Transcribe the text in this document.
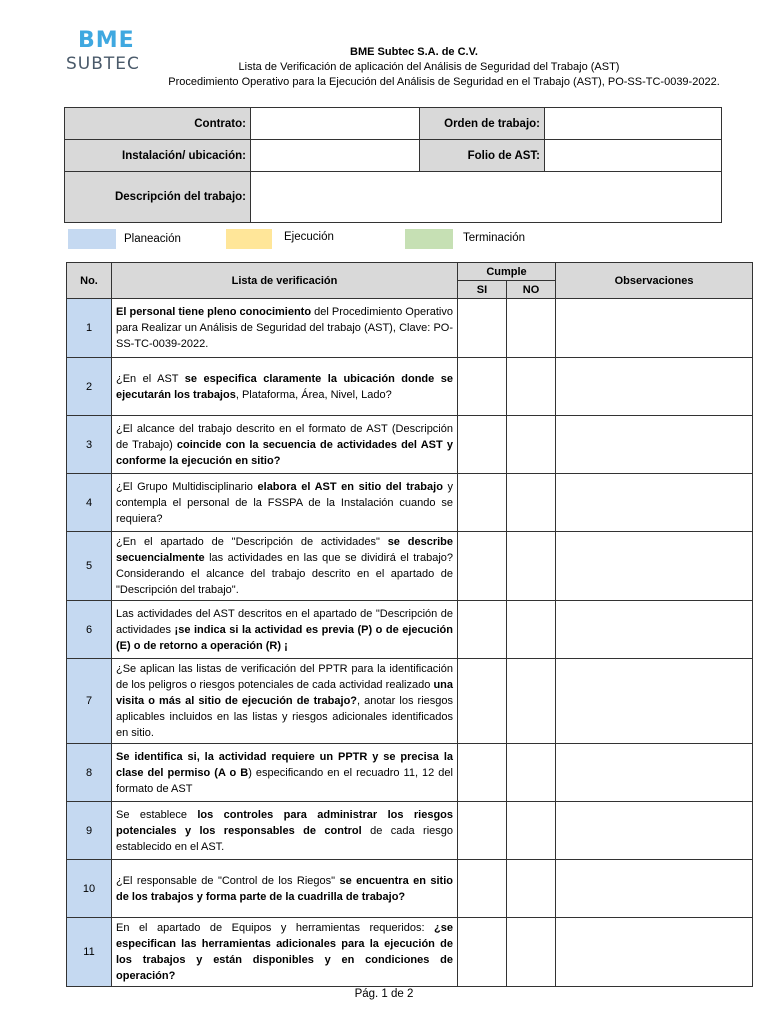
BME
SUBTEC
BME Subtec S.A. de C.V.
Lista de Verificación de aplicación del Análisis de Seguridad del Trabajo (AST)
Procedimiento Operativo para la Ejecución del Análisis de Seguridad en el Trabajo (AST), PO-SS-TC-0039-2022.
Contrato:		Orden de trabajo:	
Instalación/ ubicación:		Folio de AST:	
Descripción del trabajo:			
Planeación	Ejecución	Terminación
No.	Lista de verificación	Cumple		Observaciones
		SI	NO	
1	El personal tiene pleno conocimiento del Procedimiento Operativo para Realizar un Análisis de Seguridad del trabajo (AST), Clave: PO-SS-TC-0039-2022.			
2	¿En el AST se especifica claramente la ubicación donde se ejecutarán los trabajos, Plataforma, Área, Nivel, Lado?			
3	¿El alcance del trabajo descrito en el formato de AST (Descripción de Trabajo) coincide con la secuencia de actividades del AST y conforme la ejecución en sitio?			
4	¿El Grupo Multidisciplinario elabora el AST en sitio del trabajo y contempla el personal de la FSSPA de la Instalación cuando se requiera?			
5	¿En el apartado de "Descripción de actividades" se describe secuencialmente las actividades en las que se dividirá el trabajo? Considerando el alcance del trabajo descrito en el apartado de "Descripción del trabajo".			
6	Las actividades del AST descritos en el apartado de "Descripción de actividades ¡se indica si la actividad es previa (P) o de ejecución (E) o de retorno a operación (R) ¡			
7	¿Se aplican las listas de verificación del PPTR para la identificación de los peligros o riesgos potenciales de cada actividad realizado una visita o más al sitio de ejecución de trabajo?, anotar los riesgos aplicables incluidos en las listas y riesgos adicionales identificados en sitio.			
8	Se identifica si, la actividad requiere un PPTR y se precisa la clase del permiso (A o B) especificando en el recuadro 11, 12 del formato de AST			
9	Se establece los controles para administrar los riesgos potenciales y los responsables de control de cada riesgo establecido en el AST.			
10	¿El responsable de "Control de los Riegos" se encuentra en sitio de los trabajos y forma parte de la cuadrilla de trabajo?			
11	En el apartado de Equipos y herramientas requeridos: ¿se especifican las herramientas adicionales para la ejecución de los trabajos y están disponibles y en condiciones de operación?			
Pág. 1 de 2
